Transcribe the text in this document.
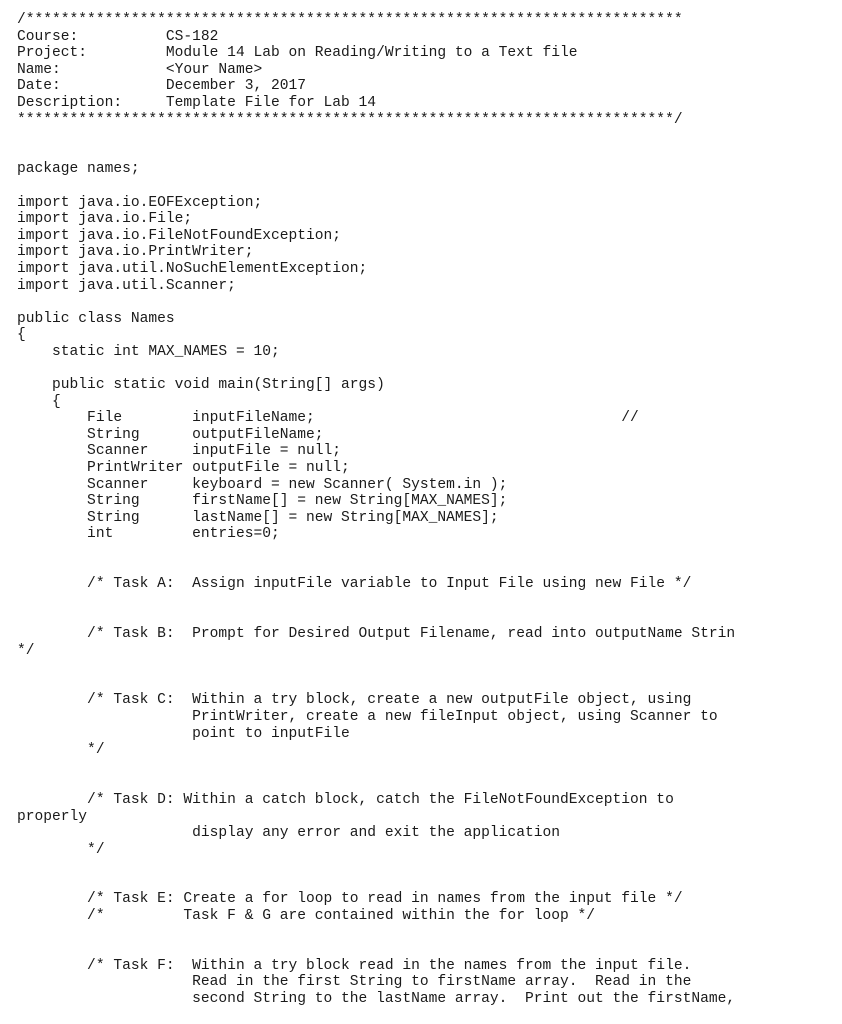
/***************************************************************************
Course:          CS-182
Project:         Module 14 Lab on Reading/Writing to a Text file
Name:            <Your Name>
Date:            December 3, 2017
Description:     Template File for Lab 14
***************************************************************************/
package names;
import java.io.EOFException;
import java.io.File;
import java.io.FileNotFoundException;
import java.io.PrintWriter;
import java.util.NoSuchElementException;
import java.util.Scanner;
public class Names
{
static int MAX_NAMES = 10;
public static void main(String[] args)
{
File        inputFileName;                                   //
String      outputFileName;
Scanner     inputFile = null;
PrintWriter outputFile = null;
Scanner     keyboard = new Scanner( System.in );
String      firstName[] = new String[MAX_NAMES];
String      lastName[] = new String[MAX_NAMES];
int         entries=0;
/* Task A:  Assign inputFile variable to Input File using new File */
/* Task B:  Prompt for Desired Output Filename, read into outputName Strin
*/
/* Task C:  Within a try block, create a new outputFile object, using
PrintWriter, create a new fileInput object, using Scanner to
point to inputFile
*/
/* Task D: Within a catch block, catch the FileNotFoundException to
properly
display any error and exit the application
*/
/* Task E: Create a for loop to read in names from the input file */
/*         Task F & G are contained within the for loop */
/* Task F:  Within a try block read in the names from the input file.
Read in the first String to firstName array.  Read in the
second String to the lastName array.  Print out the firstName,
